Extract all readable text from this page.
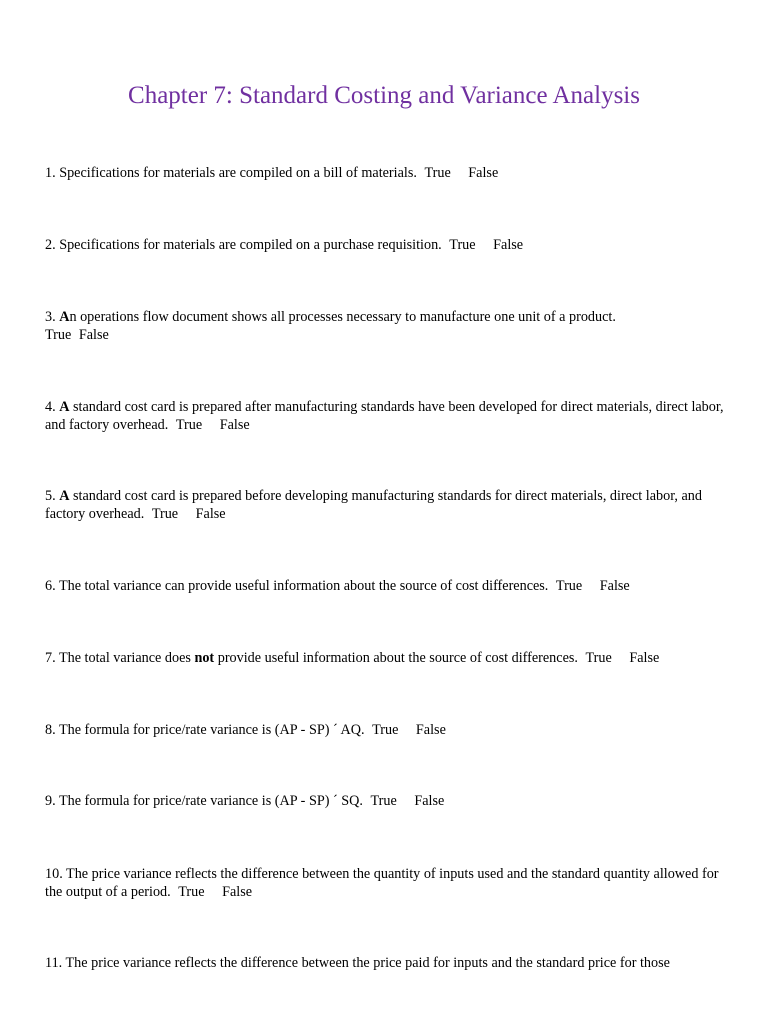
Chapter 7: Standard Costing and Variance Analysis

1. Specifications for materials are compiled on a bill of materials. True False

2. Specifications for materials are compiled on a purchase requisition. True False

3. An operations flow document shows all processes necessary to manufacture one unit of a product.
True False

4. A standard cost card is prepared after manufacturing standards have been developed for direct materials, direct labor, and factory overhead. True False

5. A standard cost card is prepared before developing manufacturing standards for direct materials, direct labor, and factory overhead. True False

6. The total variance can provide useful information about the source of cost differences. True False

7. The total variance does not provide useful information about the source of cost differences. True False

8. The formula for price/rate variance is (AP - SP) ´ AQ. True False

9. The formula for price/rate variance is (AP - SP) ´ SQ. True False

10. The price variance reflects the difference between the quantity of inputs used and the standard quantity allowed for the output of a period. True False

11. The price variance reflects the difference between the price paid for inputs and the standard price for those
